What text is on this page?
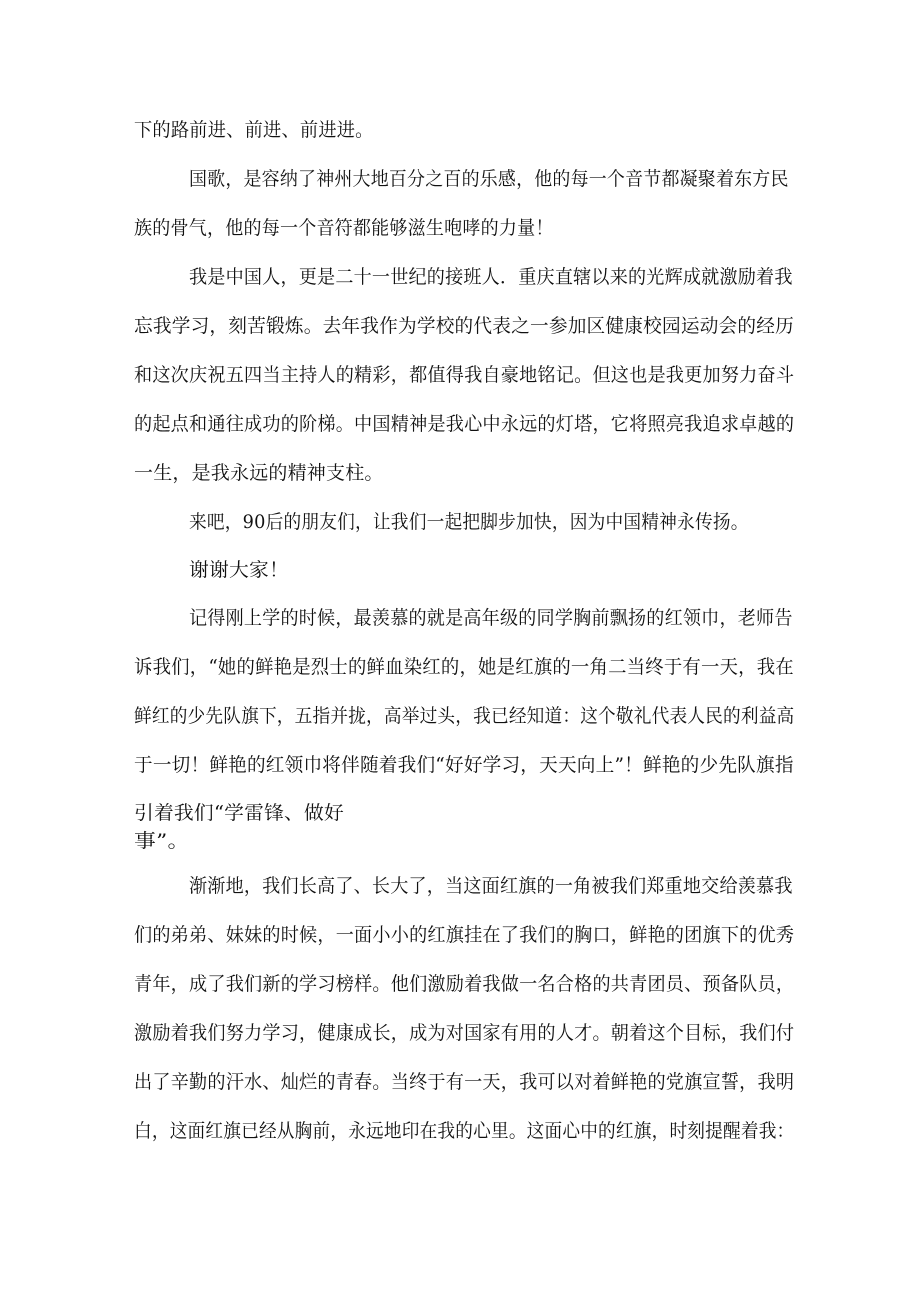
下的路前进、前进、前进进。
国歌，是容纳了神州大地百分之百的乐感，他的每一个音节都凝聚着东方民
族的骨气，他的每一个音符都能够滋生咆哮的力量！
我是中国人，更是二十一世纪的接班人．重庆直辖以来的光辉成就激励着我
忘我学习，刻苦锻炼。去年我作为学校的代表之一参加区健康校园运动会的经历
和这次庆祝五四当主持人的精彩，都值得我自豪地铭记。但这也是我更加努力奋斗
的起点和通往成功的阶梯。中国精神是我心中永远的灯塔，它将照亮我追求卓越的
一生，是我永远的精神支柱。
来吧，90后的朋友们，让我们一起把脚步加快，因为中国精神永传扬。
谢谢大家！
记得刚上学的时候，最羡慕的就是高年级的同学胸前飘扬的红领巾，老师告
诉我们，“她的鲜艳是烈士的鲜血染红的，她是红旗的一角二当终于有一天，我在
鲜红的少先队旗下，五指并拢，高举过头，我已经知道：这个敬礼代表人民的利益高
于一切！鲜艳的红领巾将伴随着我们“好好学习，天天向上”！鲜艳的少先队旗指
引着我们“学雷锋、做好
事”。
渐渐地，我们长高了、长大了，当这面红旗的一角被我们郑重地交给羡慕我
们的弟弟、妹妹的时候，一面小小的红旗挂在了我们的胸口，鲜艳的团旗下的优秀
青年，成了我们新的学习榜样。他们激励着我做一名合格的共青团员、预备队员，
激励着我们努力学习，健康成长，成为对国家有用的人才。朝着这个目标，我们付
出了辛勤的汗水、灿烂的青春。当终于有一天，我可以对着鲜艳的党旗宣誓，我明
白，这面红旗已经从胸前，永远地印在我的心里。这面心中的红旗，时刻提醒着我：
